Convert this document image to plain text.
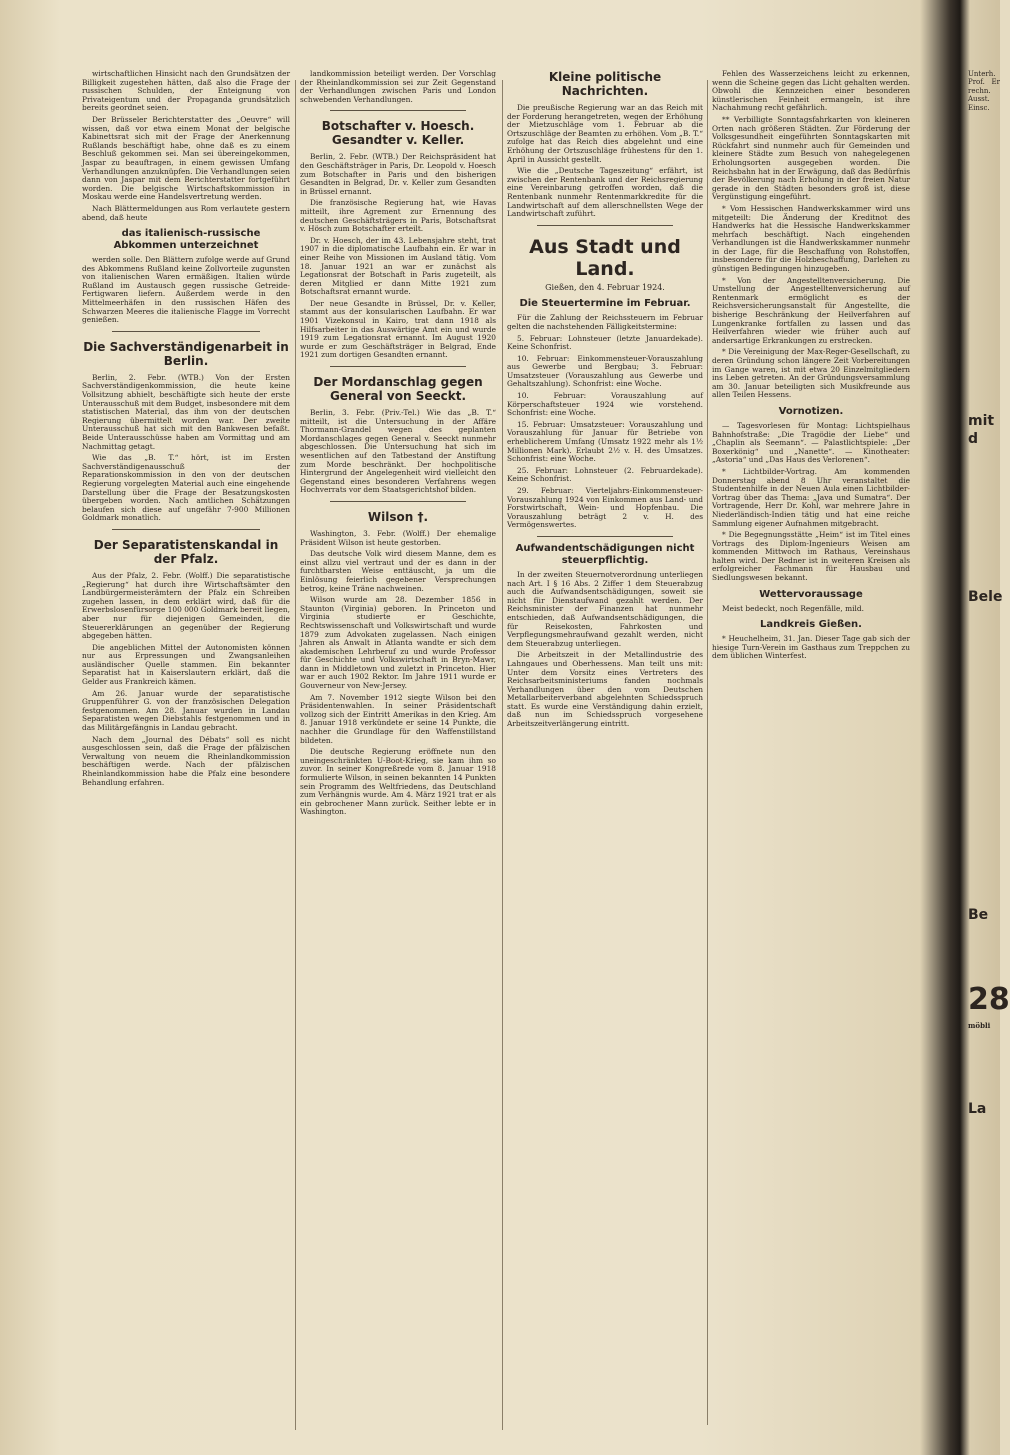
wirtschaftlichen Hinsicht nach den Grundsätzen der Billigkeit zugestehen hätten, daß also die Frage der russischen Schulden, der Enteignung von Privateigentum und der Propaganda grundsätzlich bereits geordnet seien.

Der Brüsseler Berichterstatter des „Oeuvre“ will wissen, daß vor etwa einem Monat der belgische Kabinettsrat sich mit der Frage der Anerkennung Rußlands beschäftigt habe, ohne daß es zu einem Beschluß gekommen sei. Man sei übereingekommen, Jaspar zu beauftragen, in einem gewissen Umfang Verhandlungen anzuknüpfen. Die Verhandlungen seien dann von Jaspar mit dem Berichterstatter fortgeführt worden. Die belgische Wirtschaftskommission in Moskau werde eine Handelsvertretung werden.

Nach Blättermeldungen aus Rom verlautete gestern abend, daß heute

das italienisch-russische Abkommen unterzeichnet

werden solle. Den Blättern zufolge werde auf Grund des Abkommens Rußland keine Zollvorteile zugunsten von italienischen Waren ermäßigen. Italien würde Rußland im Austausch gegen russische Getreide-Fertigwaren liefern. Außerdem werde in den Mittelmeerhäfen in den russischen Häfen des Schwarzen Meeres die italienische Flagge im Vorrecht genießen.

Die Sachverständigenarbeit in Berlin.

Berlin, 2. Febr. (WTB.) Von der Ersten Sachverständigenkommission, die heute keine Vollsitzung abhielt, beschäftigte sich heute der erste Unterausschuß mit dem Budget, insbesondere mit dem statistischen Material, das ihm von der deutschen Regierung übermittelt worden war. Der zweite Unterausschuß hat sich mit den Bankwesen befaßt. Beide Unterausschüsse haben am Vormittag und am Nachmittag getagt.

Wie das „B. T.“ hört, ist im Ersten Sachverständigenausschuß der Reparationskommission in den von der deutschen Regierung vorgelegten Material auch eine eingehende Darstellung über die Frage der Besatzungskosten übergeben worden. Nach amtlichen Schätzungen belaufen sich diese auf ungefähr 7-900 Millionen Goldmark monatlich.

Der Separatistenskandal in der Pfalz.

Aus der Pfalz, 2. Febr. (Wolff.) Die separatistische „Regierung“ hat durch ihre Wirtschaftsämter den Landbürgermeisterämtern der Pfalz ein Schreiben zugehen lassen, in dem erklärt wird, daß für die Erwerbslosenfürsorge 100 000 Goldmark bereit liegen, aber nur für diejenigen Gemeinden, die Steuererklärungen an gegenüber der Regierung abgegeben hätten.

Die angeblichen Mittel der Autonomisten können nur aus Erpressungen und Zwangsanleihen ausländischer Quelle stammen. Ein bekannter Separatist hat in Kaiserslautern erklärt, daß die Gelder aus Frankreich kämen.

Am 26. Januar wurde der separatistische Gruppenführer G. von der französischen Delegation festgenommen. Am 28. Januar wurden in Landau Separatisten wegen Diebstahls festgenommen und in das Militärgefängnis in Landau gebracht.

Nach dem „Journal des Débats“ soll es nicht ausgeschlossen sein, daß die Frage der pfälzischen Verwaltung von neuem die Rheinlandkommission beschäftigen werde. Nach der pfälzischen Rheinlandkommission habe die Pfalz eine besondere Behandlung erfahren.

landkommission beteiligt werden. Der Vorschlag der Rheinlandkommission sei zur Zeit Gegenstand der Verhandlungen zwischen Paris und London schwebenden Verhandlungen.

Botschafter v. Hoesch. Gesandter v. Keller.

Berlin, 2. Febr. (WTB.) Der Reichspräsident hat den Geschäftsträger in Paris, Dr. Leopold v. Hoesch zum Botschafter in Paris und den bisherigen Gesandten in Belgrad, Dr. v. Keller zum Gesandten in Brüssel ernannt.

Die französische Regierung hat, wie Havas mitteilt, ihre Agrement zur Ernennung des deutschen Geschäftsträgers in Paris, Botschaftsrat v. Hösch zum Botschafter erteilt.

Dr. v. Hoesch, der im 43. Lebensjahre steht, trat 1907 in die diplomatische Laufbahn ein. Er war in einer Reihe von Missionen im Ausland tätig. Vom 18. Januar 1921 an war er zunächst als Legationsrat der Botschaft in Paris zugeteilt, als deren Mitglied er dann Mitte 1921 zum Botschaftsrat ernannt wurde.

Der neue Gesandte in Brüssel, Dr. v. Keller, stammt aus der konsularischen Laufbahn. Er war 1901 Vizekonsul in Kairo, trat dann 1918 als Hilfsarbeiter in das Auswärtige Amt ein und wurde 1919 zum Legationsrat ernannt. Im August 1920 wurde er zum Geschäftsträger in Belgrad, Ende 1921 zum dortigen Gesandten ernannt.

Der Mordanschlag gegen General von Seeckt.

Berlin, 3. Febr. (Priv.-Tel.) Wie das „B. T.“ mitteilt, ist die Untersuchung in der Affäre Thormann-Grandel wegen des geplanten Mordanschlages gegen General v. Seeckt nunmehr abgeschlossen. Die Untersuchung hat sich im wesentlichen auf den Tatbestand der Anstiftung zum Morde beschränkt. Der hochpolitische Hintergrund der Angelegenheit wird vielleicht den Gegenstand eines besonderen Verfahrens wegen Hochverrats vor dem Staatsgerichtshof bilden.

Wilson †.

Washington, 3. Febr. (Wolff.) Der ehemalige Präsident Wilson ist heute gestorben.

Das deutsche Volk wird diesem Manne, dem es einst allzu viel vertraut und der es dann in der furchtbarsten Weise enttäuscht, ja um die Einlösung feierlich gegebener Versprechungen betrog, keine Träne nachweinen.

Wilson wurde am 28. Dezember 1856 in Staunton (Virginia) geboren. In Princeton und Virginia studierte er Geschichte, Rechtswissenschaft und Volkswirtschaft und wurde 1879 zum Advokaten zugelassen. Nach einigen Jahren als Anwalt in Atlanta wandte er sich dem akademischen Lehrberuf zu und wurde Professor für Geschichte und Volkswirtschaft in Bryn-Mawr, dann in Middletown und zuletzt in Princeton. Hier war er auch 1902 Rektor. Im Jahre 1911 wurde er Gouverneur von New-Jersey.

Am 7. November 1912 siegte Wilson bei den Präsidentenwahlen. In seiner Präsidentschaft vollzog sich der Eintritt Amerikas in den Krieg. Am 8. Januar 1918 verkündete er seine 14 Punkte, die nachher die Grundlage für den Waffenstillstand bildeten.

Die deutsche Regierung eröffnete nun den uneingeschränkten U-Boot-Krieg, sie kam ihm so zuvor. In seiner Kongreßrede vom 8. Januar 1918 formulierte Wilson, in seinen bekannten 14 Punkten sein Programm des Weltfriedens, das Deutschland zum Verhängnis wurde. Am 4. März 1921 trat er als ein gebrochener Mann zurück. Seither lebte er in Washington.

Kleine politische Nachrichten.

Die preußische Regierung war an das Reich mit der Forderung herangetreten, wegen der Erhöhung der Mietzuschläge vom 1. Februar ab die Ortszuschläge der Beamten zu erhöhen. Vom „B. T.“ zufolge hat das Reich dies abgelehnt und eine Erhöhung der Ortszuschläge frühestens für den 1. April in Aussicht gestellt.

Wie die „Deutsche Tageszeitung“ erfährt, ist zwischen der Rentenbank und der Reichsregierung eine Vereinbarung getroffen worden, daß die Rentenbank nunmehr Rentenmarkkredite für die Landwirtschaft auf dem allerschnellsten Wege der Landwirtschaft zuführt.

Aus Stadt und Land.
Gießen, den 4. Februar 1924.
Die Steuertermine im Februar.

Für die Zahlung der Reichssteuern im Februar gelten die nachstehenden Fälligkeitstermine:

5. Februar: Lohnsteuer (letzte Januardekade). Keine Schonfrist.

10. Februar: Einkommensteuer-Vorauszahlung aus Gewerbe und Bergbau; 3. Februar: Umsatzsteuer (Vorauszahlung aus Gewerbe und Gehaltszahlung). Schonfrist: eine Woche.

10. Februar: Vorauszahlung auf Körperschaftsteuer 1924 wie vorstehend. Schonfrist: eine Woche.

15. Februar: Umsatzsteuer: Vorauszahlung und Vorauszahlung für Januar für Betriebe von erheblicherem Umfang (Umsatz 1922 mehr als 1½ Millionen Mark). Erlaubt 2½ v. H. des Umsatzes. Schonfrist: eine Woche.

25. Februar: Lohnsteuer (2. Februardekade). Keine Schonfrist.

29. Februar: Vierteljahrs-Einkommensteuer-Vorauszahlung 1924 von Einkommen aus Land- und Forstwirtschaft, Wein- und Hopfenbau. Die Vorauszahlung beträgt 2 v. H. des Vermögenswertes.

Aufwandentschädigungen nicht steuerpflichtig.

In der zweiten Steuernotverordnung unterliegen nach Art. I § 16 Abs. 2 Ziffer 1 dem Steuerabzug auch die Aufwandsentschädigungen, soweit sie nicht für Dienstaufwand gezahlt werden. Der Reichsminister der Finanzen hat nunmehr entschieden, daß Aufwandsentschädigungen, die für Reisekosten, Fahrkosten und Verpflegungsmehraufwand gezahlt werden, nicht dem Steuerabzug unterliegen.

Die Arbeitszeit in der Metallindustrie des Lahngaues und Oberhessens. Man teilt uns mit: Unter dem Vorsitz eines Vertreters des Reichsarbeitsministeriums fanden nochmals Verhandlungen über den vom Deutschen Metallarbeiterverband abgelehnten Schiedsspruch statt. Es wurde eine Verständigung dahin erzielt, daß nun im Schiedsspruch vorgesehene Arbeitszeitverlängerung eintritt.

Fehlen des Wasserzeichens leicht zu erkennen, wenn die Scheine gegen das Licht gehalten werden. Obwohl die Kennzeichen einer besonderen künstlerischen Feinheit ermangeln, ist ihre Nachahmung recht gefährlich.

** Verbilligte Sonntagsfahrkarten von kleineren Orten nach größeren Städten. Zur Förderung der Volksgesundheit eingeführten Sonntagskarten mit Rückfahrt sind nunmehr auch für Gemeinden und kleinere Städte zum Besuch von nahegelegenen Erholungsorten ausgegeben worden. Die Reichsbahn hat in der Erwägung, daß das Bedürfnis der Bevölkerung nach Erholung in der freien Natur gerade in den Städten besonders groß ist, diese Vergünstigung eingeführt.

* Vom Hessischen Handwerkskammer wird uns mitgeteilt: Die Änderung der Kreditnot des Handwerks hat die Hessische Handwerkskammer mehrfach beschäftigt. Nach eingehenden Verhandlungen ist die Handwerkskammer nunmehr in der Lage, für die Beschaffung von Rohstoffen, insbesondere für die Holzbeschaffung, Darlehen zu günstigen Bedingungen hinzugeben.

* Von der Angestelltenversicherung. Die Umstellung der Angestelltenversicherung auf Rentenmark ermöglicht es der Reichsversicherungsanstalt für Angestellte, die bisherige Beschränkung der Heilverfahren auf Lungenkranke fortfallen zu lassen und das Heilverfahren wieder wie früher auch auf andersartige Erkrankungen zu erstrecken.

* Die Vereinigung der Max-Reger-Gesellschaft, zu deren Gründung schon längere Zeit Vorbereitungen im Gange waren, ist mit etwa 20 Einzelmitgliedern ins Leben getreten. An der Gründungsversammlung am 30. Januar beteiligten sich Musikfreunde aus allen Teilen Hessens.

Vornotizen.

— Tagesvorlesen für Montag: Lichtspielhaus Bahnhofstraße: „Die Tragödie der Liebe“ und „Chaplin als Seemann“. — Palastlichtspiele: „Der Boxerkönig“ und „Nanette“. — Kinotheater: „Astoria“ und „Das Haus des Verlorenen“.

* Lichtbilder-Vortrag. Am kommenden Donnerstag abend 8 Uhr veranstaltet die Studentenhilfe in der Neuen Aula einen Lichtbilder-Vortrag über das Thema: „Java und Sumatra“. Der Vortragende, Herr Dr. Kohl, war mehrere Jahre in Niederländisch-Indien tätig und hat eine reiche Sammlung eigener Aufnahmen mitgebracht.

* Die Begegnungsstätte „Heim“ ist im Titel eines Vortrags des Diplom-Ingenieurs Weisen am kommenden Mittwoch im Rathaus, Vereinshaus halten wird. Der Redner ist in weiteren Kreisen als erfolgreicher Fachmann für Hausbau und Siedlungswesen bekannt.

Wettervoraussage

Meist bedeckt, noch Regenfälle, mild.

Landkreis Gießen.

* Heuchelheim, 31. Jan. Dieser Tage gab sich der hiesige Turn-Verein im Gasthaus zum Treppchen zu dem üblichen Winterfest.

Unterh. Prof. Er rechn. Ausst. Einsc.

mit d
Bele
Be
28
möbli
La
